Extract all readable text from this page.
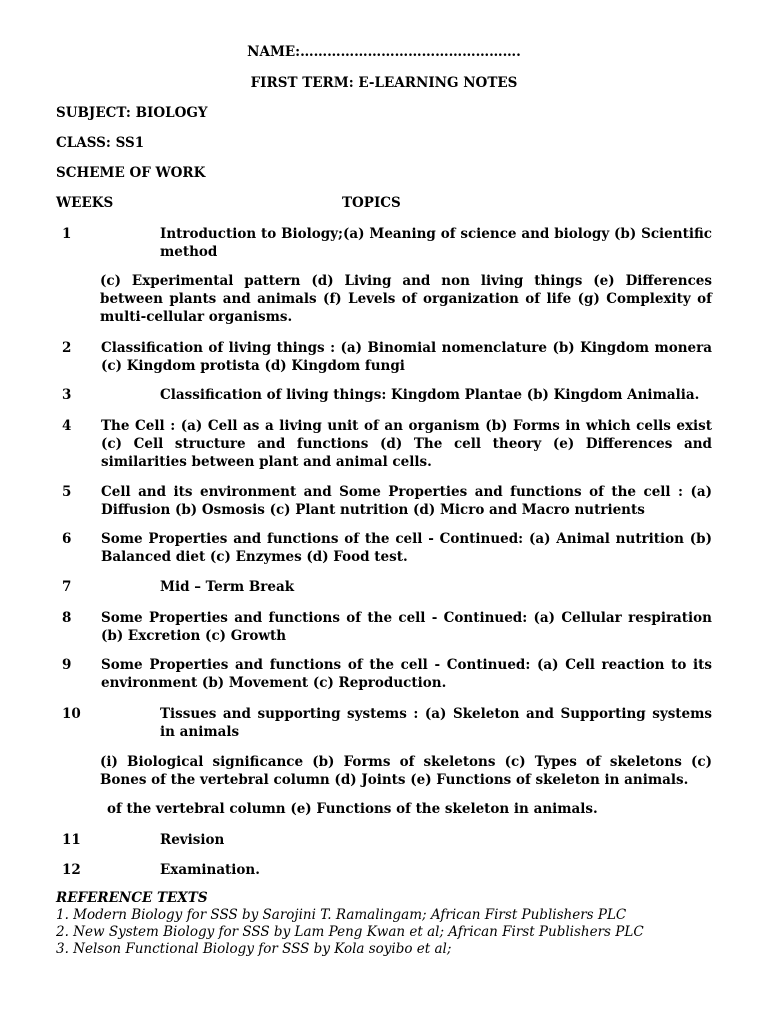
NAME:………………………………………….
FIRST TERM: E-LEARNING NOTES
SUBJECT: BIOLOGY
CLASS: SS1
SCHEME OF WORK
WEEKS	TOPICS
1	Introduction to Biology;(a) Meaning of science and biology (b) Scientific method
(c) Experimental pattern (d) Living and non living things (e) Differences between plants and animals (f) Levels of organization of life (g) Complexity of multi-cellular organisms.
2 Classification of living things : (a) Binomial nomenclature (b) Kingdom monera (c) Kingdom protista (d) Kingdom fungi
3	Classification of living things: Kingdom Plantae (b) Kingdom Animalia.
4 The Cell : (a) Cell as a living unit of an organism (b) Forms in which cells exist (c) Cell structure and functions (d) The cell theory (e) Differences and similarities between plant and animal cells.
5 Cell and its environment and Some Properties and functions of the cell : (a) Diffusion (b) Osmosis (c) Plant nutrition (d) Micro and Macro nutrients
6 Some Properties and functions of the cell - Continued: (a) Animal nutrition (b) Balanced diet (c) Enzymes (d) Food test.
7	Mid – Term Break
8 Some Properties and functions of the cell - Continued: (a) Cellular respiration (b) Excretion (c) Growth
9 Some Properties and functions of the cell - Continued: (a) Cell reaction to its environment (b) Movement (c) Reproduction.
10	Tissues and supporting systems : (a) Skeleton and Supporting systems in animals
(i) Biological significance (b) Forms of skeletons (c) Types of skeletons (c) Bones of the vertebral column (d) Joints (e) Functions of skeleton in animals.
of the vertebral column (e) Functions of the skeleton in animals.
11	Revision
12	Examination.
REFERENCE TEXTS
1. Modern Biology for SSS by Sarojini T. Ramalingam; African First Publishers PLC
2. New System Biology for SSS by Lam Peng Kwan et al; African First Publishers PLC
3. Nelson Functional Biology for SSS by Kola soyibo et al;
